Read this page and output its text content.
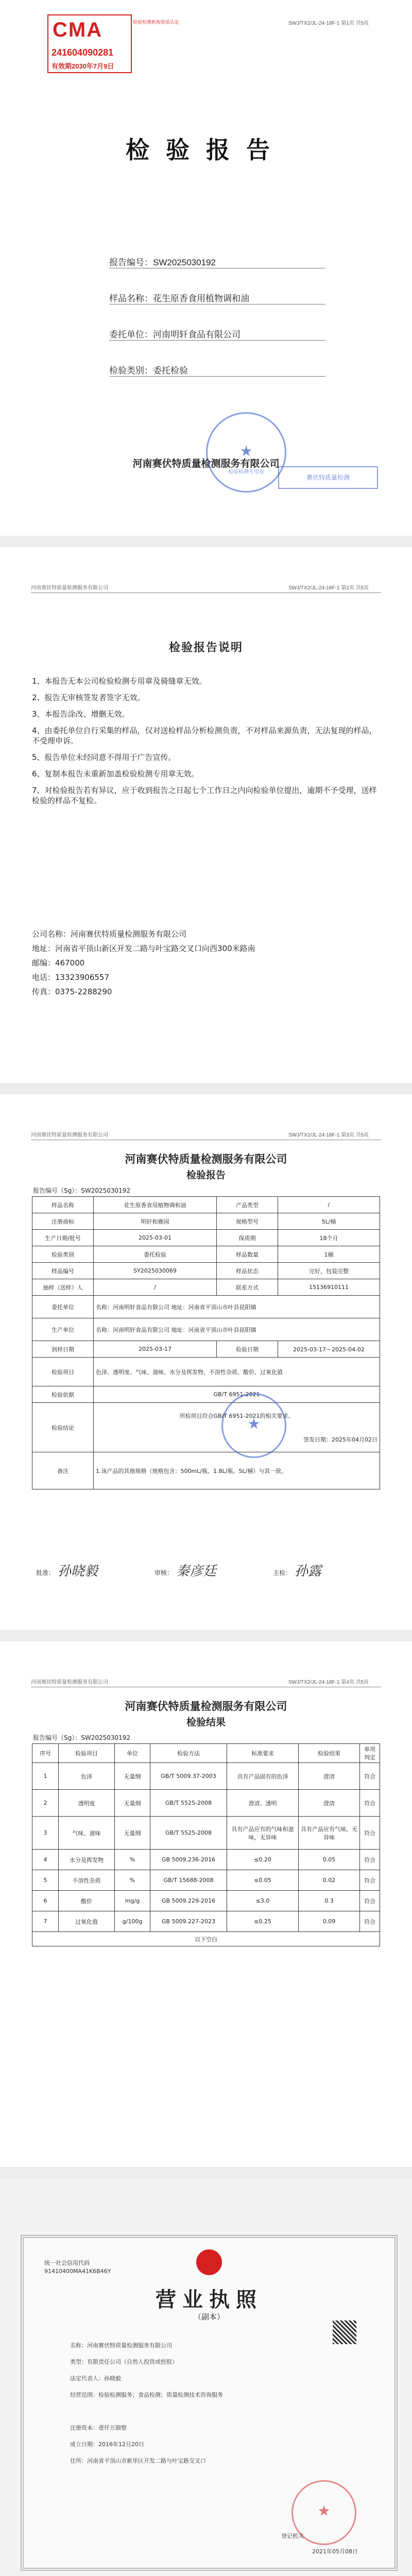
CMA
241604090281
有效期2030年7月9日
检验检测机构资质认定	SWJ/TX2/JL-24-18F-1 第1页 共5页
检验报告
报告编号：SW2025030192
样品名称：花生原香食用植物调和油
委托单位：河南明轩食品有限公司
检验类别：委托检验
河南赛伏特质量检测服务有限公司
★
检验检测专用章
赛伏特质量检测
河南赛伏特质量检测服务有限公司	SWJ/TX2/JL-24-18F-1 第2页 共5页
检验报告说明
1、本报告无本公司检验检测专用章及骑缝章无效。
2、报告无审核签发者签字无效。
3、本报告涂改、增删无效。
4、由委托单位自行采集的样品，仅对送检样品分析检测负责，不对样品来源负责，无法复现的样品，不受理申诉。
5、报告单位未经同意不得用于广告宣传。
6、复制本报告未重新加盖检验检测专用章无效。
7、对检验报告若有异议，应于收到报告之日起七个工作日之内向检验单位提出，逾期不予受理，送样检验的样品不复检。
公司名称：河南赛伏特质量检测服务有限公司
地址：河南省平顶山新区开发二路与叶宝路交叉口向西300米路南
邮编：467000
电话：13323906557
传真：0375-2288290
河南赛伏特质量检测服务有限公司	SWJ/TX2/JL-24-18F-1 第3页 共5页
河南赛伏特质量检测服务有限公司
检验报告
报告编号（Sg）：SW2025030192
样品名称	花生原香食用植物调和油	产品类型	/
注册商标	明轩和雅园	规格型号	5L/桶
生产日期/批号	2025-03-01	保质期	18个月
检验类别	委托检验	样品数量	1桶
样品编号	SY2025030069	样品状态	完好，包装完整
抽样（送样）人	/	联系方式	15136910111
委托单位	名称：河南明轩食品有限公司 地址：河南省平顶山市叶县昆阳镇		
生产单位	名称：河南明轩食品有限公司 地址：河南省平顶山市叶县昆阳镇		
到样日期	2025-03-17	检验日期	2025-03-17～2025-04-02
检验项目	色泽、透明度、气味、滋味、水分及挥发物、不溶性杂质、酸价、过氧化值		
检验依据	GB/T 6951-2021		
检验结论	所检项目符合GB/T 6951-2021的相关要求。
签发日期：2025年04月02日		

备注	1.该产品的其他规格（规格包含：500mL/瓶、1.8L/瓶、5L/桶）与其一致。		
★
批准： 孙晓毅	审核： 秦彦廷	主检： 孙露
河南赛伏特质量检测服务有限公司	SWJ/TX2/JL-24-18F-1 第4页 共5页
河南赛伏特质量检测服务有限公司
检验结果
报告编号（Sg）：SW2025030192
序号	检验项目	单位	检验方法	标准要求	检验结果	单项判定
1	色泽	无量纲	GB/T 5009.37-2003	具有产品固有的色泽	澄清	符合
2	透明度	无量纲	GB/T 5525-2008	澄清、透明	澄清	符合
3	气味、滋味	无量纲	GB/T 5525-2008	具有产品应有的气味和滋味，无异味	具有产品应有气味，无异味	符合
4	水分及挥发物	%	GB 5009.236-2016	≤0.20	0.05	符合
5	不溶性杂质	%	GB/T 15688-2008	≤0.05	0.02	符合
6	酸价	mg/g	GB 5009.229-2016	≤3.0	0.3	符合
7	过氧化值	g/100g	GB 5009.227-2023	≤0.25	0.09	符合
以下空白						
营业执照
（副本）
统一社会信用代码
91410400MA41K6B46Y
名称：河南赛伏特质量检测服务有限公司
类型：有限责任公司（自然人投资或控股）
法定代表人：孙晓毅
经营范围：检验检测服务；食品检测；质量检测技术咨询服务
注册资本：壹仟万圆整
成立日期：2016年12月20日
住所：河南省平顶山市新华区开发二路与叶宝路交叉口
登记机关
2021年05月08日
★
